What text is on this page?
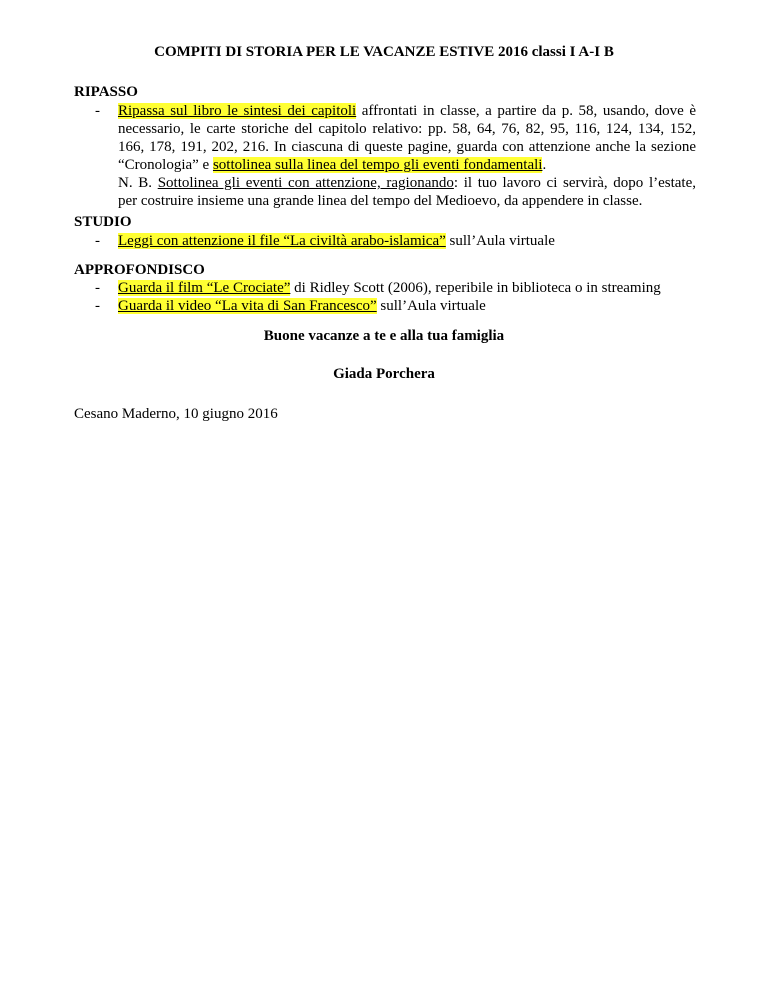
COMPITI DI STORIA PER LE VACANZE ESTIVE 2016 classi I A-I B
RIPASSO
- Ripassa sul libro le sintesi dei capitoli affrontati in classe, a partire da p. 58, usando, dove è
necessario, le carte storiche del capitolo relativo: pp. 58, 64, 76, 82, 95, 116, 124, 134, 152,
166, 178, 191, 202, 216. In ciascuna di queste pagine, guarda con attenzione anche la sezione
“Cronologia” e sottolinea sulla linea del tempo gli eventi fondamentali.
N. B. Sottolinea gli eventi con attenzione, ragionando: il tuo lavoro ci servirà, dopo l’estate,
per costruire insieme una grande linea del tempo del Medioevo, da appendere in classe.
STUDIO
- Leggi con attenzione il file “La civiltà arabo-islamica” sull’Aula virtuale
APPROFONDISCO
- Guarda il film “Le Crociate” di Ridley Scott (2006), reperibile in biblioteca o in streaming
- Guarda il video “La vita di San Francesco” sull’Aula virtuale
Buone vacanze a te e alla tua famiglia
Giada Porchera
Cesano Maderno, 10 giugno 2016
